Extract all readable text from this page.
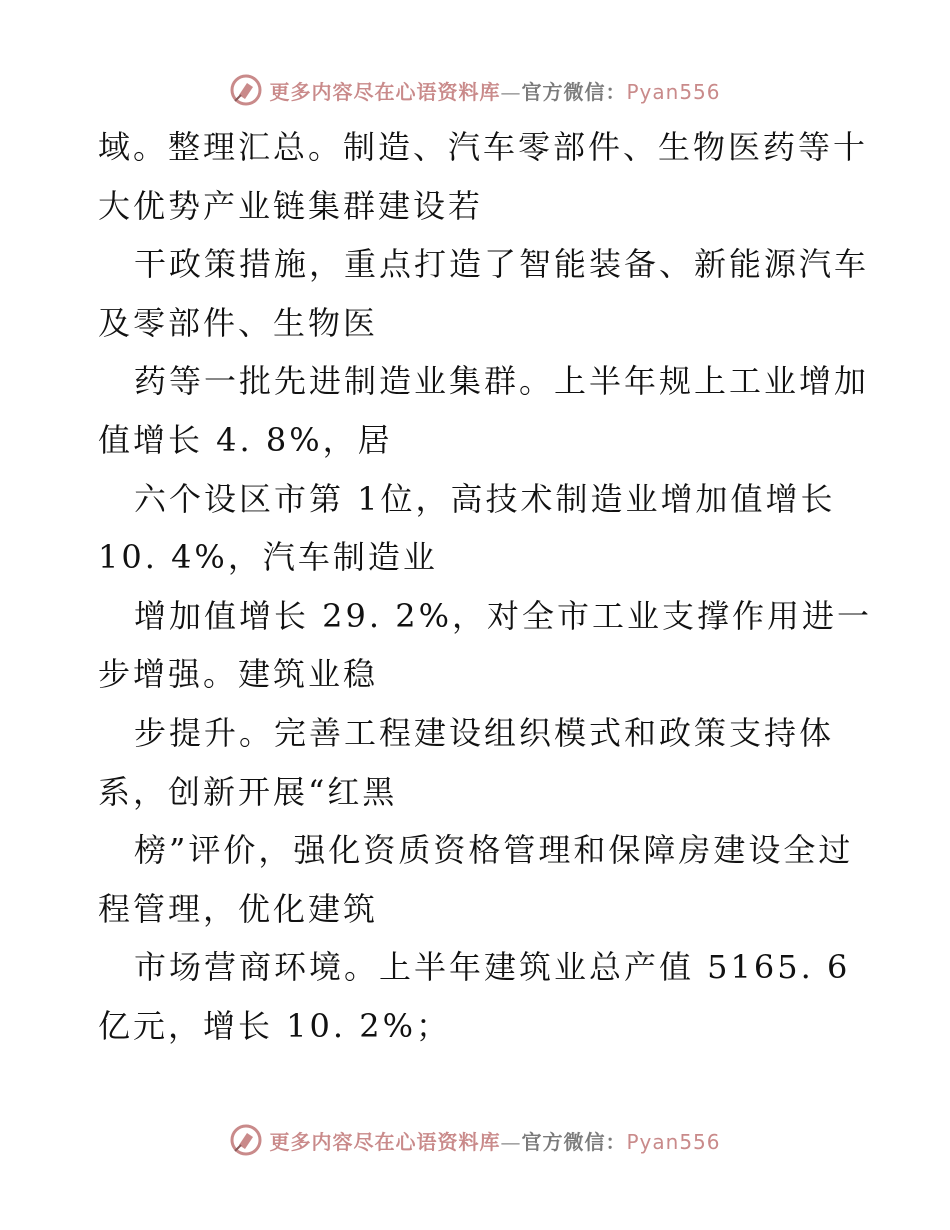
更多内容尽在心语资料库—官方微信：Pyan556

域。整理汇总。制造、汽车零部件、生物医药等十

大优势产业链集群建设若

干政策措施，重点打造了智能装备、新能源汽车

及零部件、生物医

药等一批先进制造业集群。上半年规上工业增加

值增长 4. 8%，居

六个设区市第 1位，高技术制造业增加值增长

10. 4%，汽车制造业

增加值增长 29. 2%，对全市工业支撑作用进一

步增强。建筑业稳

步提升。完善工程建设组织模式和政策支持体

系，创新开展“红黑

榜”评价，强化资质资格管理和保障房建设全过

程管理，优化建筑

市场营商环境。上半年建筑业总产值 5165. 6

亿元，增长 10. 2%；

更多内容尽在心语资料库—官方微信：Pyan556
